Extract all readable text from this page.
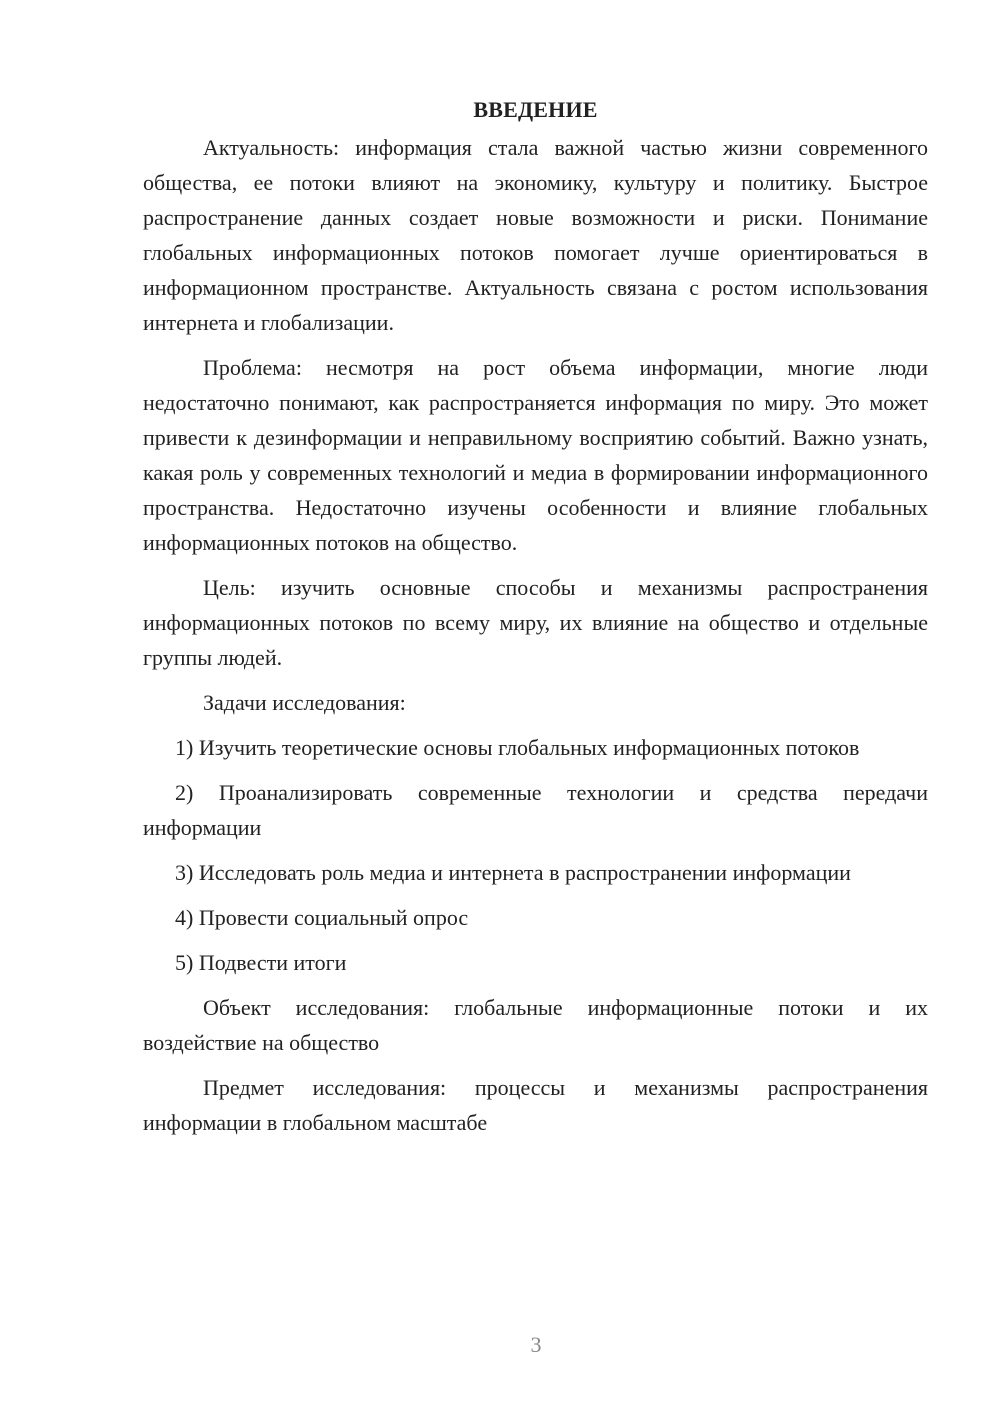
ВВЕДЕНИЕ

Актуальность: информация стала важной частью жизни современного общества, ее потоки влияют на экономику, культуру и политику. Быстрое распространение данных создает новые возможности и риски. Понимание глобальных информационных потоков помогает лучше ориентироваться в информационном пространстве. Актуальность связана с ростом использования интернета и глобализации.

Проблема: несмотря на рост объема информации, многие люди недостаточно понимают, как распространяется информация по миру. Это может привести к дезинформации и неправильному восприятию событий. Важно узнать, какая роль у современных технологий и медиа в формировании информационного пространства. Недостаточно изучены особенности и влияние глобальных информационных потоков на общество.

Цель: изучить основные способы и механизмы распространения информационных потоков по всему миру, их влияние на общество и отдельные группы людей.

Задачи исследования:

1) Изучить теоретические основы глобальных информационных потоков

2) Проанализировать современные технологии и средства передачи информации

3) Исследовать роль медиа и интернета в распространении информации

4) Провести социальный опрос

5) Подвести итоги

Объект исследования: глобальные информационные потоки и их воздействие на общество

Предмет исследования: процессы и механизмы распространения информации в глобальном масштабе

3
